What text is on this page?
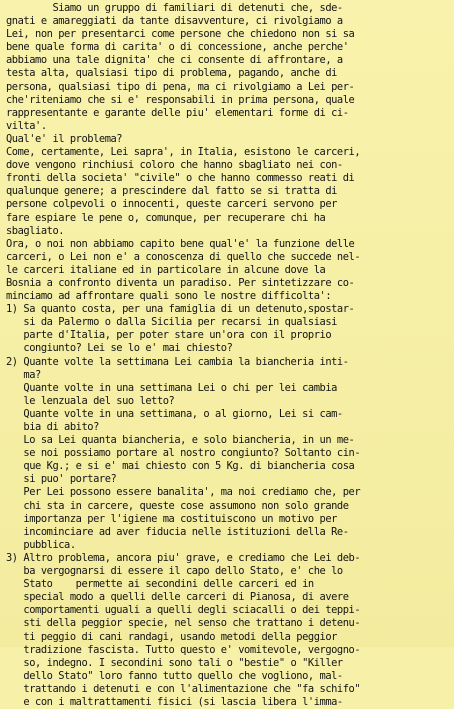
Siamo un gruppo di familiari di detenuti che, sde-
gnati e amareggiati da tante disavventure, ci rivolgiamo a
Lei, non per presentarci come persone che chiedono non si sa
bene quale forma di carita' o di concessione, anche perche'
abbiamo una tale dignita' che ci consente di affrontare, a
testa alta, qualsiasi tipo di problema, pagando, anche di
persona, qualsiasi tipo di pena, ma ci rivolgiamo a Lei per-
che'riteniamo che si e' responsabili in prima persona, quale
rappresentante e garante delle piu' elementari forme di ci-
vilta'.
Qual'e' il problema?
Come, certamente, Lei sapra', in Italia, esistono le carceri,
dove vengono rinchiusi coloro che hanno sbagliato nei con-
fronti della societa' "civile" o che hanno commesso reati di
qualunque genere; a prescindere dal fatto se si tratta di
persone colpevoli o innocenti, queste carceri servono per
fare espiare le pene o, comunque, per recuperare chi ha
sbagliato.
Ora, o noi non abbiamo capito bene qual'e' la funzione delle
carceri, o Lei non e' a conoscenza di quello che succede nel-
le carceri italiane ed in particolare in alcune dove la
Bosnia a confronto diventa un paradiso. Per sintetizzare co-
minciamo ad affrontare quali sono le nostre difficolta':
1) Sa quanto costa, per una famiglia di un detenuto,spostar-
si da Palermo o dalla Sicilia per recarsi in qualsiasi
parte d'Italia, per poter stare un'ora con il proprio
congiunto? Lei se lo e' mai chiesto?
2) Quante volte la settimana Lei cambia la biancheria inti-
ma?
Quante volte in una settimana Lei o chi per lei cambia
le lenzuala del suo letto?
Quante volte in una settimana, o al giorno, Lei si cam-
bia di abito?
Lo sa Lei quanta biancheria, e solo biancheria, in un me-
se noi possiamo portare al nostro congiunto? Soltanto cin-
que Kg.; e si e' mai chiesto con 5 Kg. di biancheria cosa
si puo' portare?
Per Lei possono essere banalita', ma noi crediamo che, per
chi sta in carcere, queste cose assumono non solo grande
importanza per l'igiene ma costituiscono un motivo per
incominciare ad aver fiducia nelle istituzioni della Re-
pubblica.
3) Altro problema, ancora piu' grave, e crediamo che Lei deb-
ba vergognarsi di essere il capo dello Stato, e' che lo
Stato    permette ai secondini delle carceri ed in
special modo a quelli delle carceri di Pianosa, di avere
comportamenti uguali a quelli degli sciacalli o dei teppi-
sti della peggior specie, nel senso che trattano i detenu-
ti peggio di cani randagi, usando metodi della peggior
tradizione fascista. Tutto questo e' vomitevole, vergogno-
so, indegno. I secondini sono tali o "bestie" o "Killer
dello Stato" loro fanno tutto quello che vogliono, mal-
trattando i detenuti e con l'alimentazione che "fa schifo"
e con i maltrattamenti fisici (si lascia libera l'imma-
